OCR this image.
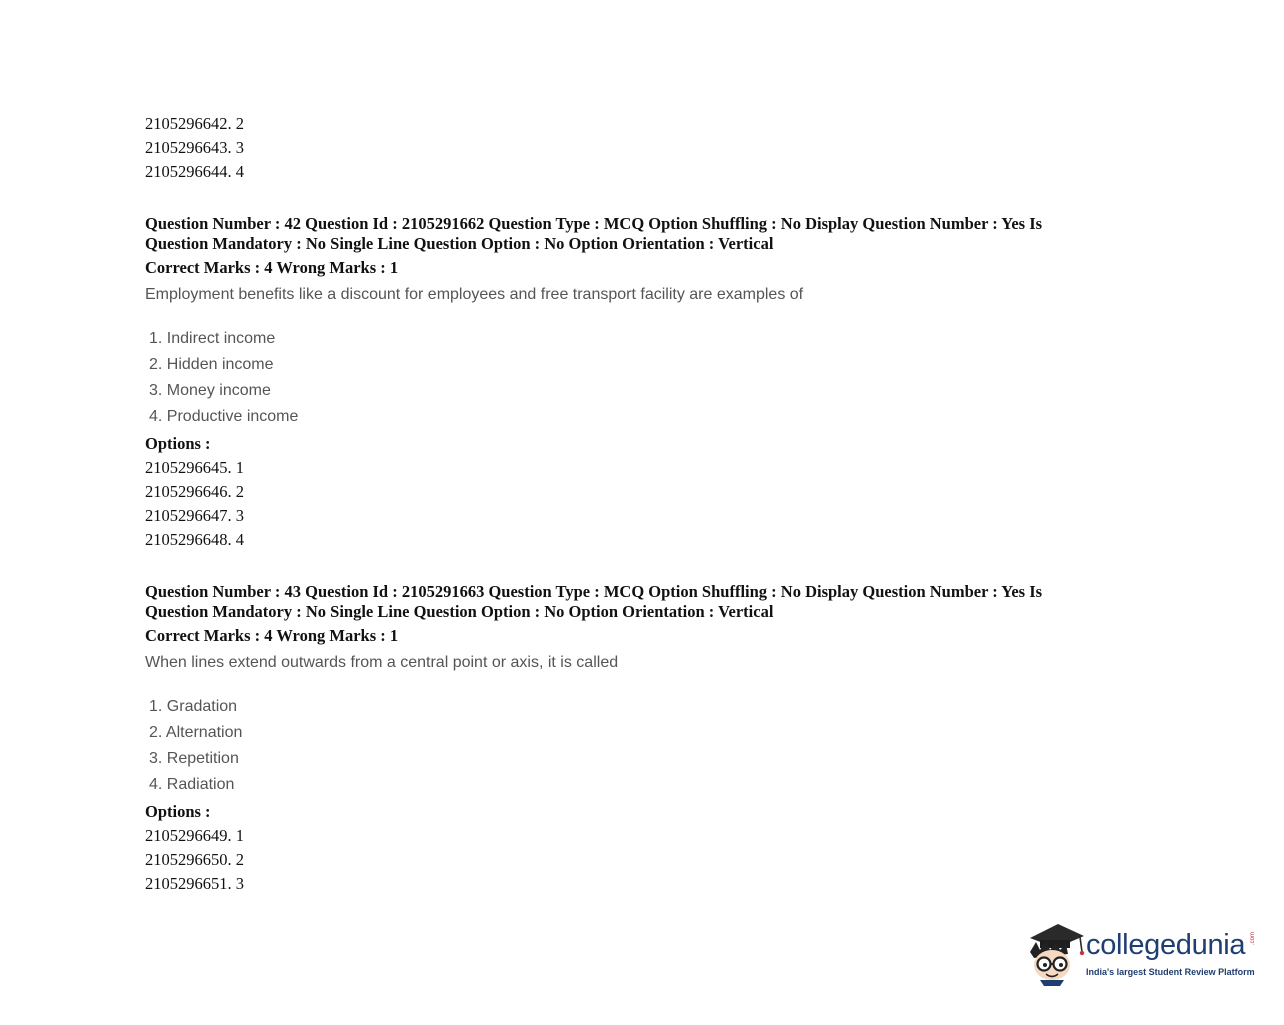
2105296642. 2
2105296643. 3
2105296644. 4
Question Number : 42 Question Id : 2105291662 Question Type : MCQ Option Shuffling : No Display Question Number : Yes Is
Question Mandatory : No Single Line Question Option : No Option Orientation : Vertical
Correct Marks : 4 Wrong Marks : 1
Employment benefits like a discount for employees and free transport facility are examples of
1. Indirect income
2. Hidden income
3. Money income
4. Productive income
Options :
2105296645. 1
2105296646. 2
2105296647. 3
2105296648. 4
Question Number : 43 Question Id : 2105291663 Question Type : MCQ Option Shuffling : No Display Question Number : Yes Is
Question Mandatory : No Single Line Question Option : No Option Orientation : Vertical
Correct Marks : 4 Wrong Marks : 1
When lines extend outwards from a central point or axis, it is called
1. Gradation
2. Alternation
3. Repetition
4. Radiation
Options :
2105296649. 1
2105296650. 2
2105296651. 3
collegedunia .com
India's largest Student Review Platform
